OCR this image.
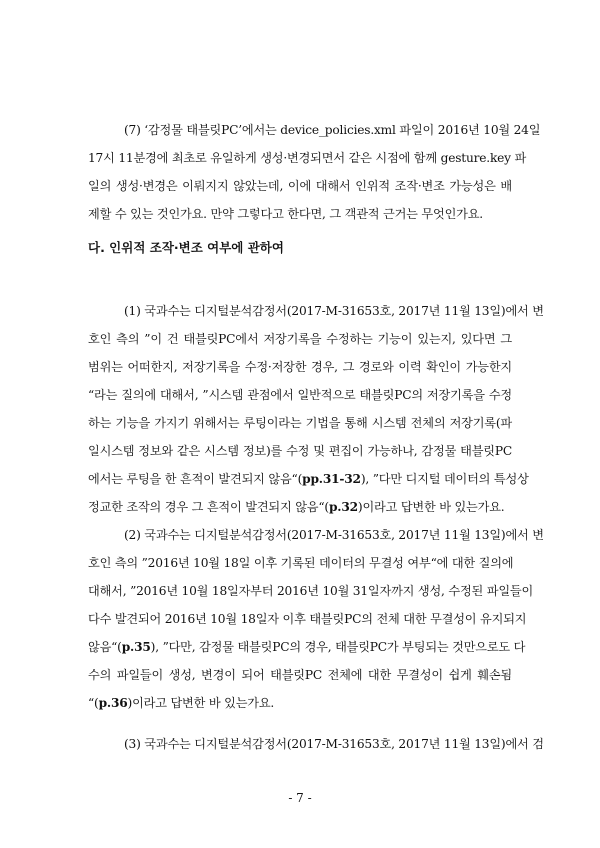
　　　(7) ‘감정물 태블릿PC’에서는 device_policies.xml 파일이 2016년 10월 24일
17시 11분경에 최초로 유일하게 생성·변경되면서 같은 시점에 함께 gesture.key 파
일의 생성·변경은 이뤄지지 않았는데, 이에 대해서 인위적 조작·변조 가능성은 배
제할 수 있는 것인가요. 만약 그렇다고 한다면, 그 객관적 근거는 무엇인가요.
다. 인위적 조작·변조 여부에 관하여
　　　(1) 국과수는 디지털분석감정서(2017-M-31653호, 2017년 11월 13일)에서 변
호인 측의 ”이 건 태블릿PC에서 저장기록을 수정하는 기능이 있는지, 있다면 그
범위는 어떠한지, 저장기록을 수정·저장한 경우, 그 경로와 이력 확인이 가능한지
“라는 질의에 대해서, ”시스템 관점에서 일반적으로 태블릿PC의 저장기록을 수정
하는 기능을 가지기 위해서는 루팅이라는 기법을 통해 시스템 전체의 저장기록(파
일시스템 정보와 같은 시스템 정보)를 수정 및 편집이 가능하나, 감정물 태블릿PC
에서는 루팅을 한 흔적이 발견되지 않음“(pp.31-32), ”다만 디지털 데이터의 특성상
정교한 조작의 경우 그 흔적이 발견되지 않음“(p.32)이라고 답변한 바 있는가요.
　　　(2) 국과수는 디지털분석감정서(2017-M-31653호, 2017년 11월 13일)에서 변
호인 측의 ”2016년 10월 18일 이후 기록된 데이터의 무결성 여부“에 대한 질의에
대해서, ”2016년 10월 18일자부터 2016년 10월 31일자까지 생성, 수정된 파일들이
다수 발견되어 2016년 10월 18일자 이후 태블릿PC의 전체 대한 무결성이 유지되지
않음“(p.35), ”다만, 감정물 태블릿PC의 경우, 태블릿PC가 부팅되는 것만으로도 다
수의 파일들이 생성, 변경이 되어 태블릿PC 전체에 대한 무결성이 쉽게 훼손됨
“(p.36)이라고 답변한 바 있는가요.
　　　(3) 국과수는 디지털분석감정서(2017-M-31653호, 2017년 11월 13일)에서 검
- 7 -
